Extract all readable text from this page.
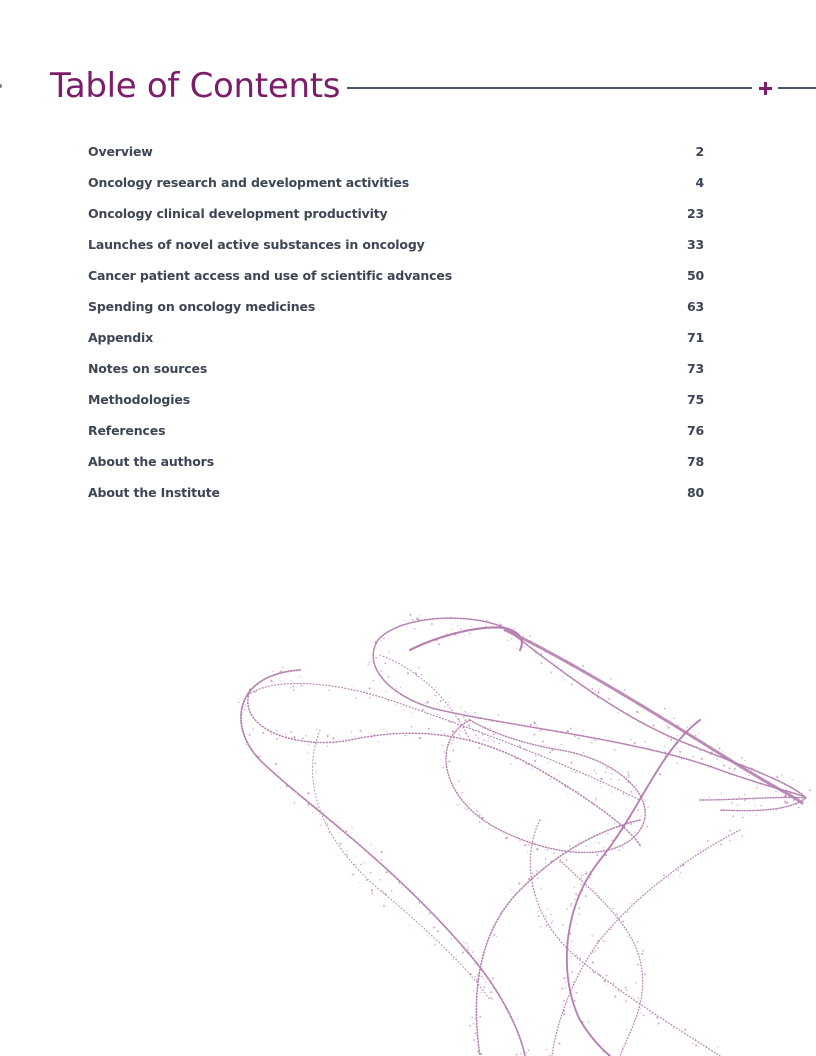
Table of Contents
Overview	2
Oncology research and development activities	4
Oncology clinical development productivity	23
Launches of novel active substances in oncology	33
Cancer patient access and use of scientific advances	50
Spending on oncology medicines	63
Appendix	71
Notes on sources	73
Methodologies	75
References	76
About the authors	78
About the Institute	80
